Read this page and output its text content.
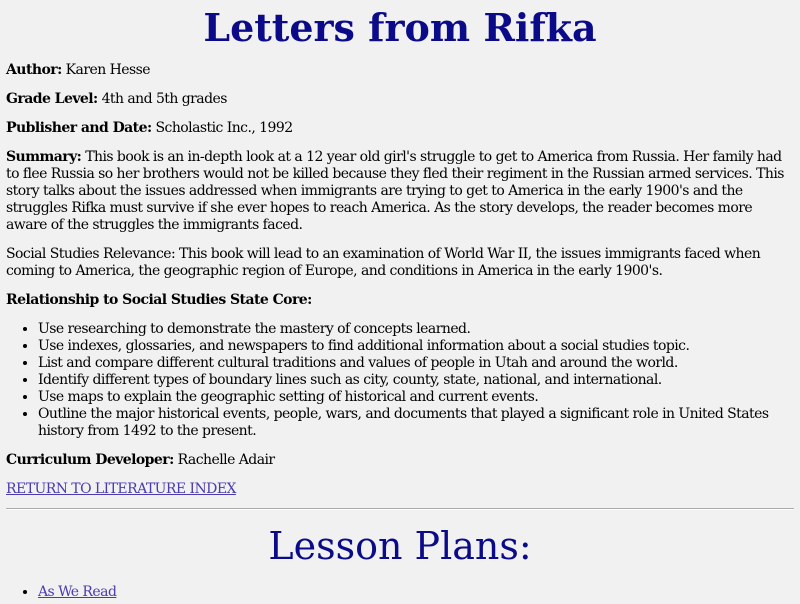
Letters from Rifka

Author: Karen Hesse

Grade Level: 4th and 5th grades

Publisher and Date: Scholastic Inc., 1992

Summary: This book is an in-depth look at a 12 year old girl's struggle to get to America from Russia. Her family had to flee Russia so her brothers would not be killed because they fled their regiment in the Russian armed services. This story talks about the issues addressed when immigrants are trying to get to America in the early 1900's and the struggles Rifka must survive if she ever hopes to reach America. As the story develops, the reader becomes more aware of the struggles the immigrants faced.

Social Studies Relevance: This book will lead to an examination of World War II, the issues immigrants faced when coming to America, the geographic region of Europe, and conditions in America in the early 1900's.

Relationship to Social Studies State Core:

• Use researching to demonstrate the mastery of concepts learned.
• Use indexes, glossaries, and newspapers to find additional information about a social studies topic.
• List and compare different cultural traditions and values of people in Utah and around the world.
• Identify different types of boundary lines such as city, county, state, national, and international.
• Use maps to explain the geographic setting of historical and current events.
• Outline the major historical events, people, wars, and documents that played a significant role in United States history from 1492 to the present.

Curriculum Developer: Rachelle Adair

RETURN TO LITERATURE INDEX

Lesson Plans:
• As We Read
